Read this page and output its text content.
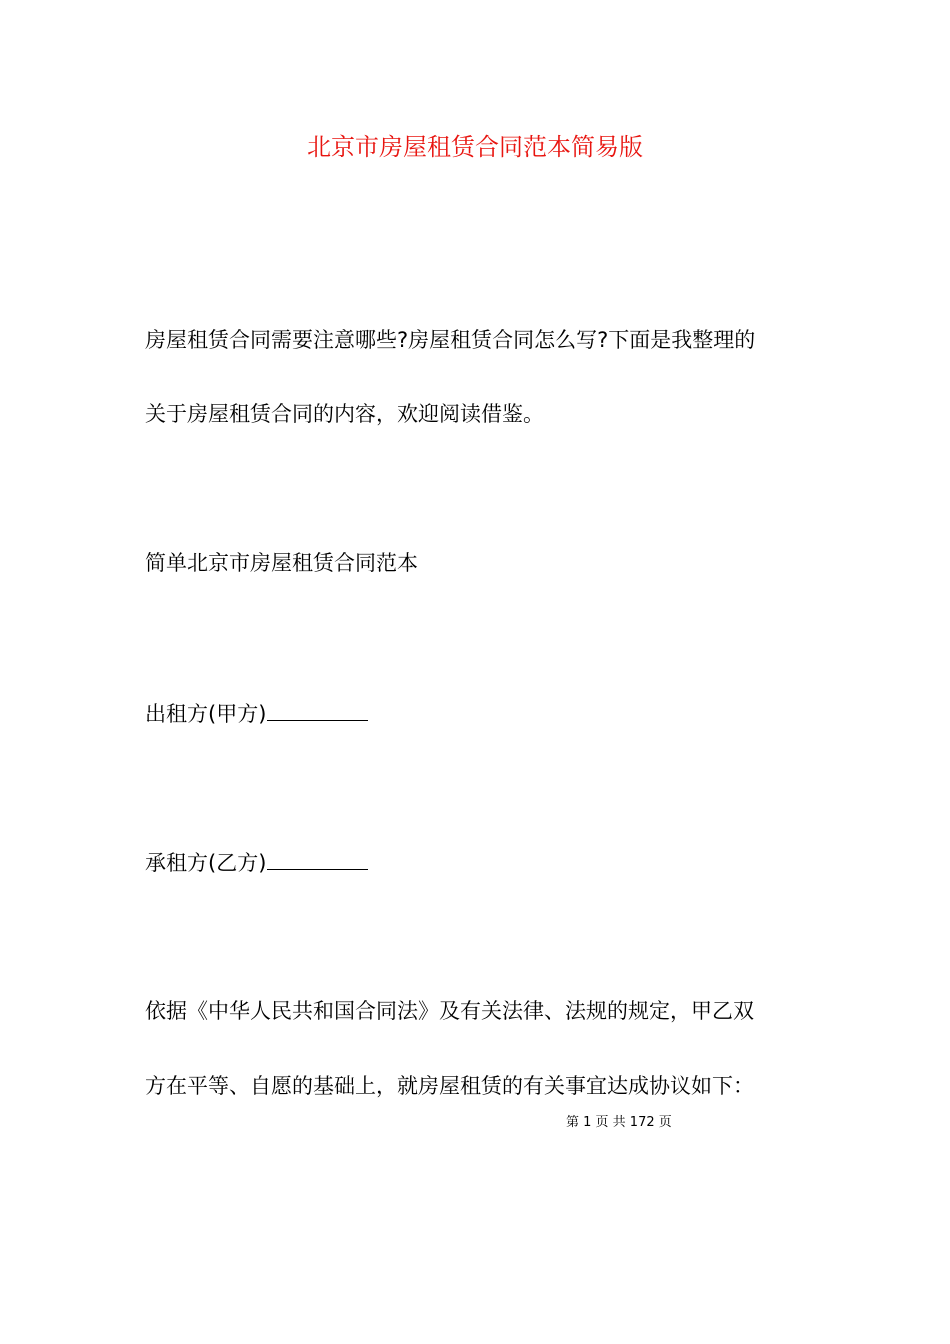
北京市房屋租赁合同范本简易版
房屋租赁合同需要注意哪些?房屋租赁合同怎么写?下面是我整理的
关于房屋租赁合同的内容，欢迎阅读借鉴。
简单北京市房屋租赁合同范本
出租方(甲方)
承租方(乙方)
依据《中华人民共和国合同法》及有关法律、法规的规定，甲乙双
方在平等、自愿的基础上，就房屋租赁的有关事宜达成协议如下：
第 1 页 共 172 页
